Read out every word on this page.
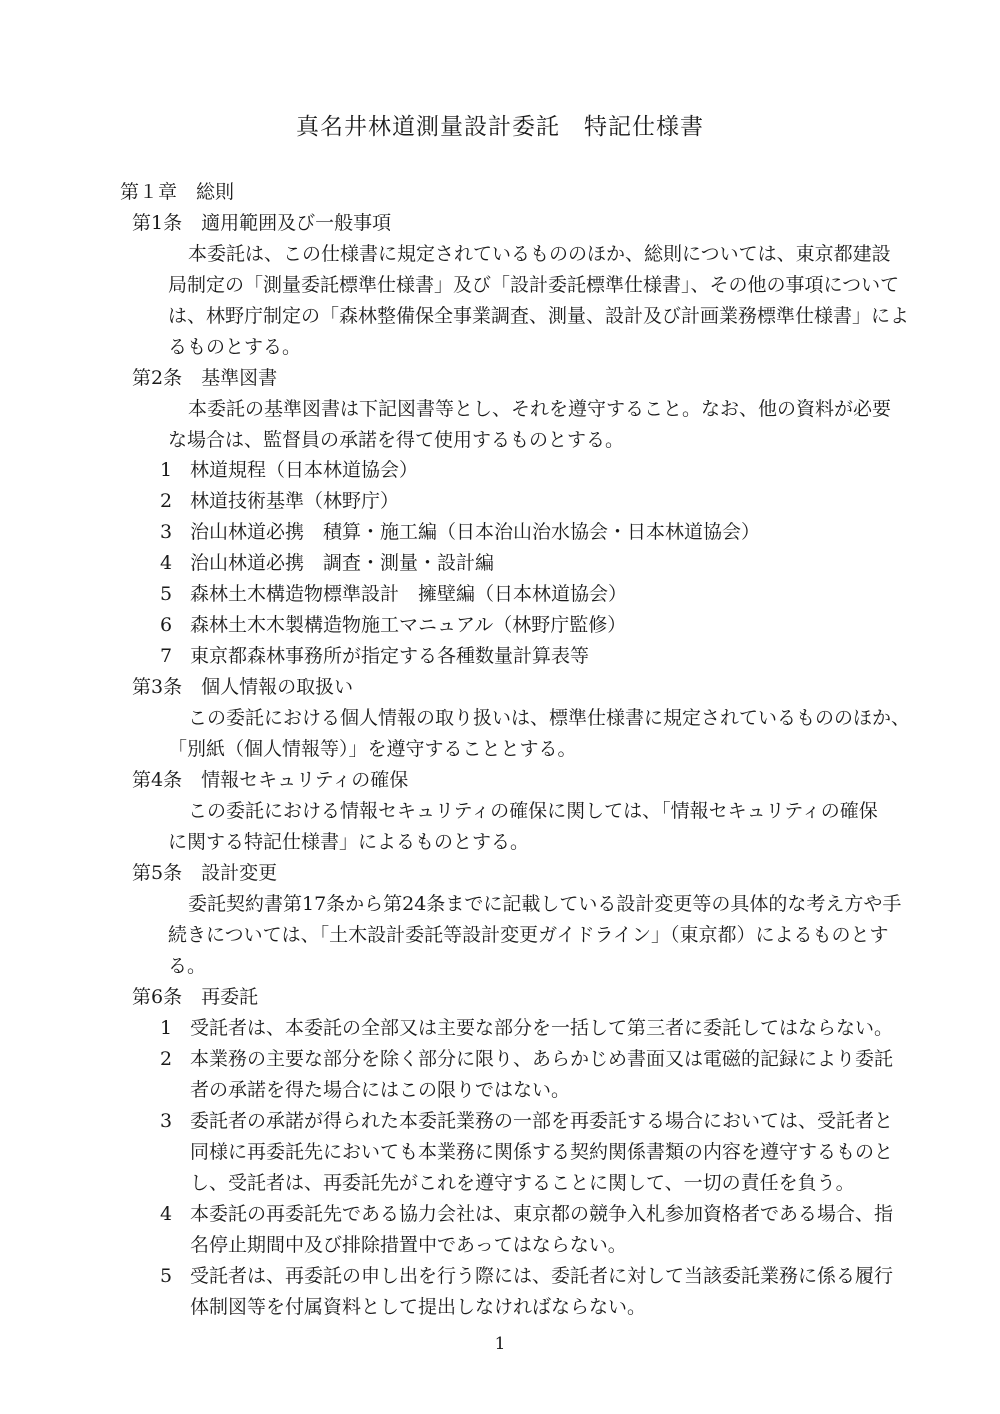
真名井林道測量設計委託　特記仕様書
第１章　総則
第1条　適用範囲及び一般事項
本委託は、この仕様書に規定されているもののほか、総則については、東京都建設
局制定の「測量委託標準仕様書」及び「設計委託標準仕様書」、その他の事項について
は、林野庁制定の「森林整備保全事業調査、測量、設計及び計画業務標準仕様書」によ
るものとする。
第2条　基準図書
本委託の基準図書は下記図書等とし、それを遵守すること。なお、他の資料が必要
な場合は、監督員の承諾を得て使用するものとする。
1 林道規程（日本林道協会）
2 林道技術基準（林野庁）
3 治山林道必携　積算・施工編（日本治山治水協会・日本林道協会）
4 治山林道必携　調査・測量・設計編
5 森林土木構造物標準設計　擁壁編（日本林道協会）
6 森林土木木製構造物施工マニュアル（林野庁監修）
7 東京都森林事務所が指定する各種数量計算表等
第3条　個人情報の取扱い
この委託における個人情報の取り扱いは、標準仕様書に規定されているもののほか、
「別紙（個人情報等）」を遵守することとする。
第4条　情報セキュリティの確保
この委託における情報セキュリティの確保に関しては、「情報セキュリティの確保
に関する特記仕様書」によるものとする。
第5条　設計変更
委託契約書第17条から第24条までに記載している設計変更等の具体的な考え方や手
続きについては、「土木設計委託等設計変更ガイドライン」（東京都）によるものとす
る。
第6条　再委託
1 受託者は、本委託の全部又は主要な部分を一括して第三者に委託してはならない。
2 本業務の主要な部分を除く部分に限り、あらかじめ書面又は電磁的記録により委託
者の承諾を得た場合にはこの限りではない。
3 委託者の承諾が得られた本委託業務の一部を再委託する場合においては、受託者と
同様に再委託先においても本業務に関係する契約関係書類の内容を遵守するものと
し、受託者は、再委託先がこれを遵守することに関して、一切の責任を負う。
4 本委託の再委託先である協力会社は、東京都の競争入札参加資格者である場合、指
名停止期間中及び排除措置中であってはならない。
5 受託者は、再委託の申し出を行う際には、委託者に対して当該委託業務に係る履行
体制図等を付属資料として提出しなければならない。
1
